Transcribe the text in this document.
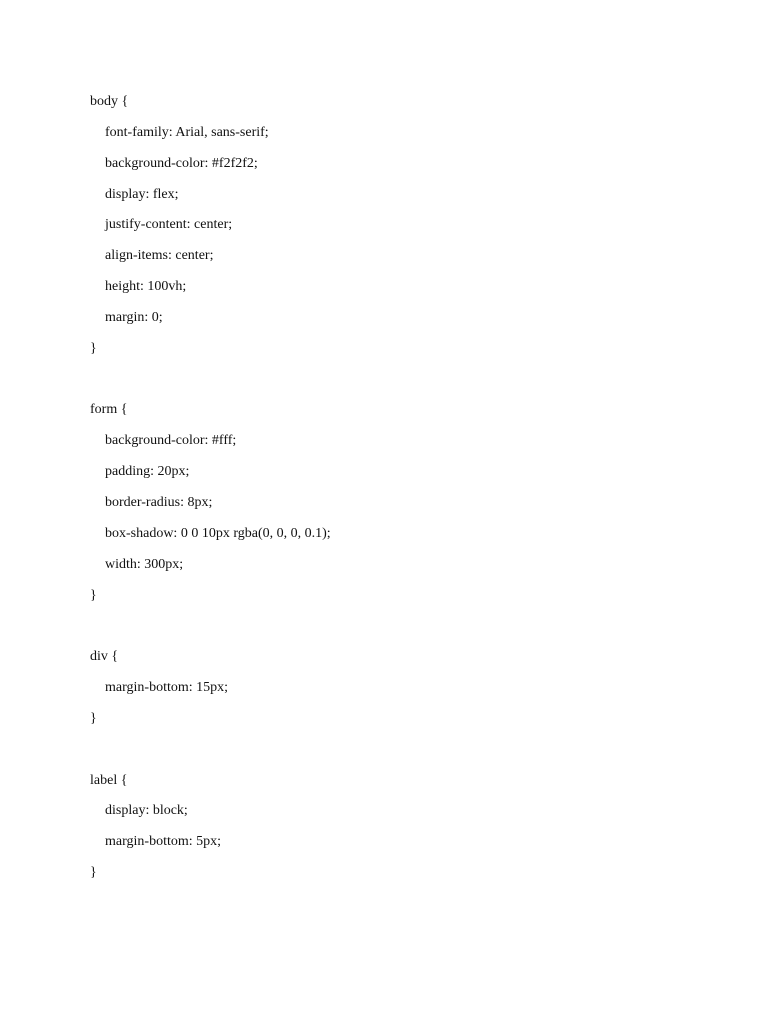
body {
font-family: Arial, sans-serif;
background-color: #f2f2f2;
display: flex;
justify-content: center;
align-items: center;
height: 100vh;
margin: 0;
}
form {
background-color: #fff;
padding: 20px;
border-radius: 8px;
box-shadow: 0 0 10px rgba(0, 0, 0, 0.1);
width: 300px;
}
div {
margin-bottom: 15px;
}
label {
display: block;
margin-bottom: 5px;
}
